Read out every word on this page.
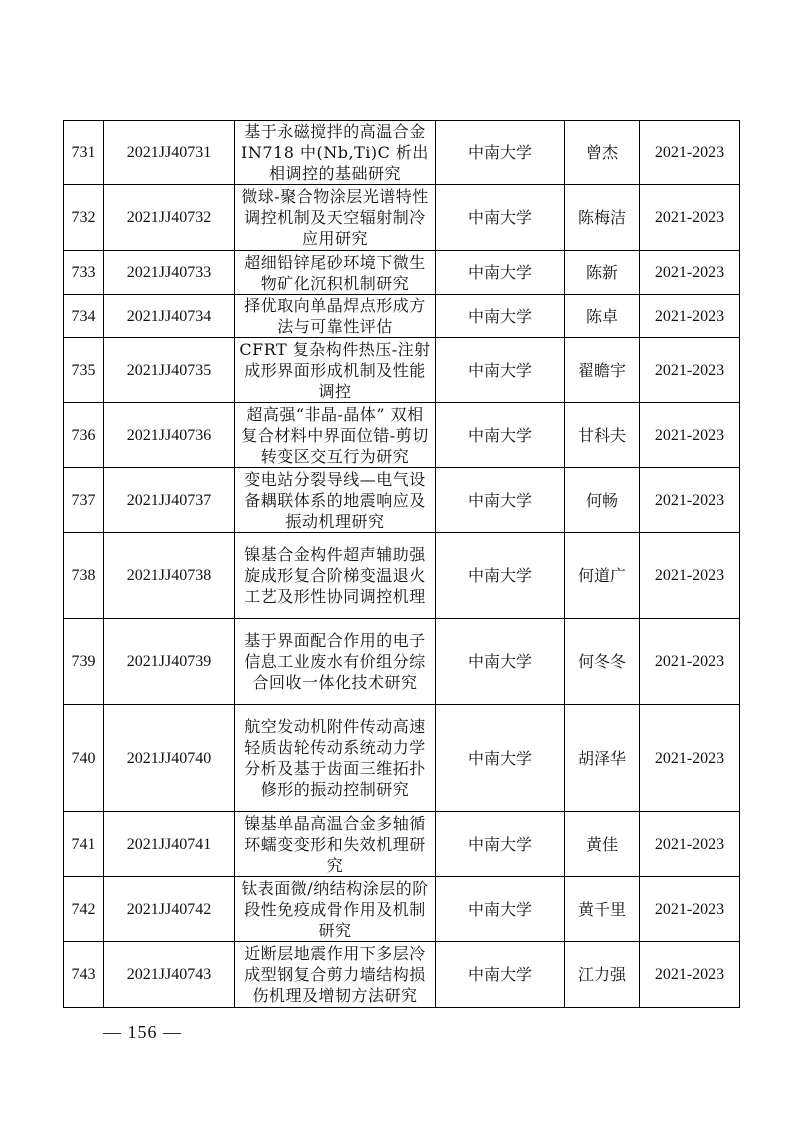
731	2021JJ40731	基于永磁搅拌的高温合金 IN718 中(Nb,Ti)C 析出相调控的基础研究	中南大学	曾杰	2021-2023
732	2021JJ40732	微球-聚合物涂层光谱特性调控机制及天空辐射制冷应用研究	中南大学	陈梅洁	2021-2023
733	2021JJ40733	超细铅锌尾砂环境下微生物矿化沉积机制研究	中南大学	陈新	2021-2023
734	2021JJ40734	择优取向单晶焊点形成方法与可靠性评估	中南大学	陈卓	2021-2023
735	2021JJ40735	CFRT 复杂构件热压-注射成形界面形成机制及性能调控	中南大学	翟瞻宇	2021-2023
736	2021JJ40736	超高强“非晶-晶体” 双相复合材料中界面位错-剪切转变区交互行为研究	中南大学	甘科夫	2021-2023
737	2021JJ40737	变电站分裂导线—电气设备耦联体系的地震响应及振动机理研究	中南大学	何畅	2021-2023
738	2021JJ40738	镍基合金构件超声辅助强旋成形复合阶梯变温退火工艺及形性协同调控机理	中南大学	何道广	2021-2023
739	2021JJ40739	基于界面配合作用的电子信息工业废水有价组分综合回收一体化技术研究	中南大学	何冬冬	2021-2023
740	2021JJ40740	航空发动机附件传动高速轻质齿轮传动系统动力学分析及基于齿面三维拓扑修形的振动控制研究	中南大学	胡泽华	2021-2023
741	2021JJ40741	镍基单晶高温合金多轴循环蠕变变形和失效机理研究	中南大学	黄佳	2021-2023
742	2021JJ40742	钛表面微/纳结构涂层的阶段性免疫成骨作用及机制研究	中南大学	黄千里	2021-2023
743	2021JJ40743	近断层地震作用下多层冷成型钢复合剪力墙结构损伤机理及增韧方法研究	中南大学	江力强	2021-2023
— 156 —
